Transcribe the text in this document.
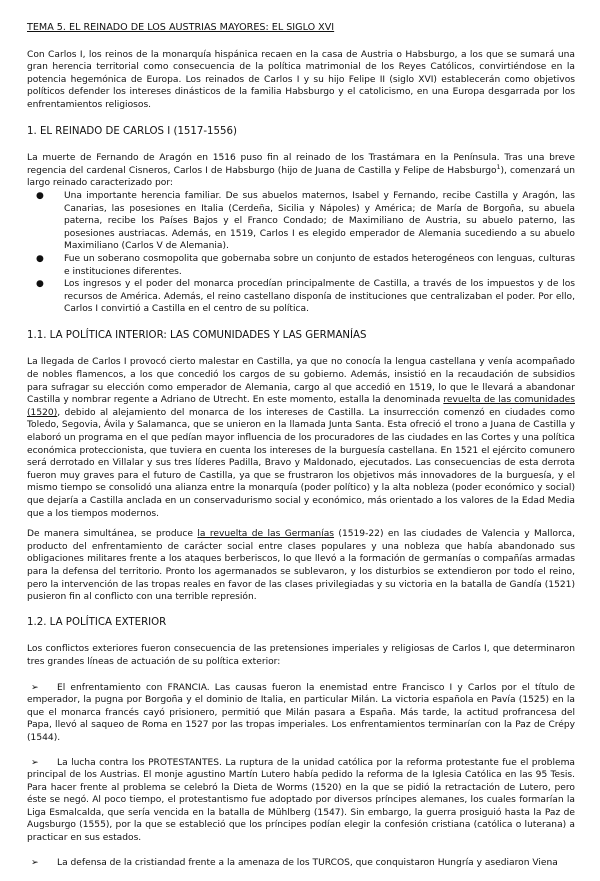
TEMA 5. EL REINADO DE LOS AUSTRIAS MAYORES: EL SIGLO XVI

Con Carlos I, los reinos de la monarquía hispánica recaen en la casa de Austria o Habsburgo, a los que se sumará una gran herencia territorial como consecuencia de la política matrimonial de los Reyes Católicos, convirtiéndose en la potencia hegemónica de Europa. Los reinados de Carlos I y su hijo Felipe II (siglo XVI) establecerán como objetivos políticos defender los intereses dinásticos de la familia Habsburgo y el catolicismo, en una Europa desgarrada por los enfrentamientos religiosos.

1. EL REINADO DE CARLOS I (1517-1556)

La muerte de Fernando de Aragón en 1516 puso fin al reinado de los Trastámara en la Península. Tras una breve regencia del cardenal Cisneros, Carlos I de Habsburgo (hijo de Juana de Castilla y Felipe de Habsburgo$^1$), comenzará un largo reinado caracterizado por:

● Una importante herencia familiar. De sus abuelos maternos, Isabel y Fernando, recibe Castilla y Aragón, las Canarias, las posesiones en Italia (Cerdeña, Sicilia y Nápoles) y América; de María de Borgoña, su abuela paterna, recibe los Países Bajos y el Franco Condado; de Maximiliano de Austria, su abuelo paterno, las posesiones austriacas. Además, en 1519, Carlos I es elegido emperador de Alemania sucediendo a su abuelo Maximiliano (Carlos V de Alemania).
● Fue un soberano cosmopolita que gobernaba sobre un conjunto de estados heterogéneos con lenguas, culturas e instituciones diferentes.
● Los ingresos y el poder del monarca procedían principalmente de Castilla, a través de los impuestos y de los recursos de América. Además, el reino castellano disponía de instituciones que centralizaban el poder. Por ello, Carlos I convirtió a Castilla en el centro de su política.
1.1. LA POLÍTICA INTERIOR: LAS COMUNIDADES Y LAS GERMANÍAS

La llegada de Carlos I provocó cierto malestar en Castilla, ya que no conocía la lengua castellana y venía acompañado de nobles flamencos, a los que concedió los cargos de su gobierno. Además, insistió en la recaudación de subsidios para sufragar su elección como emperador de Alemania, cargo al que accedió en 1519, lo que le llevará a abandonar Castilla y nombrar regente a Adriano de Utrecht. En este momento, estalla la denominada revuelta de las comunidades (1520), debido al alejamiento del monarca de los intereses de Castilla. La insurrección comenzó en ciudades como Toledo, Segovia, Ávila y Salamanca, que se unieron en la llamada Junta Santa. Esta ofreció el trono a Juana de Castilla y elaboró un programa en el que pedían mayor influencia de los procuradores de las ciudades en las Cortes y una política económica proteccionista, que tuviera en cuenta los intereses de la burguesía castellana. En 1521 el ejército comunero será derrotado en Villalar y sus tres líderes Padilla, Bravo y Maldonado, ejecutados. Las consecuencias de esta derrota fueron muy graves para el futuro de Castilla, ya que se frustraron los objetivos más innovadores de la burguesía, y el mismo tiempo se consolidó una alianza entre la monarquía (poder político) y la alta nobleza (poder económico y social) que dejaría a Castilla anclada en un conservadurismo social y económico, más orientado a los valores de la Edad Media que a los tiempos modernos.

De manera simultánea, se produce la revuelta de las Germanías (1519-22) en las ciudades de Valencia y Mallorca, producto del enfrentamiento de carácter social entre clases populares y una nobleza que había abandonado sus obligaciones militares frente a los ataques berberiscos, lo que llevó a la formación de germanías o compañías armadas para la defensa del territorio. Pronto los agermanados se sublevaron, y los disturbios se extendieron por todo el reino, pero la intervención de las tropas reales en favor de las clases privilegiadas y su victoria en la batalla de Gandía (1521) pusieron fin al conflicto con una terrible represión.

1.2. LA POLÍTICA EXTERIOR

Los conflictos exteriores fueron consecuencia de las pretensiones imperiales y religiosas de Carlos I, que determinaron tres grandes líneas de actuación de su política exterior:

➢ El enfrentamiento con FRANCIA. Las causas fueron la enemistad entre Francisco I y Carlos por el título de emperador, la pugna por Borgoña y el dominio de Italia, en particular Milán. La victoria española en Pavía (1525) en la que el monarca francés cayó prisionero, permitió que Milán pasara a España. Más tarde, la actitud profrancesa del Papa, llevó al saqueo de Roma en 1527 por las tropas imperiales. Los enfrentamientos terminarían con la Paz de Crépy (1544).

➢ La lucha contra los PROTESTANTES. La ruptura de la unidad católica por la reforma protestante fue el problema principal de los Austrias. El monje agustino Martín Lutero había pedido la reforma de la Iglesia Católica en las 95 Tesis. Para hacer frente al problema se celebró la Dieta de Worms (1520) en la que se pidió la retractación de Lutero, pero éste se negó. Al poco tiempo, el protestantismo fue adoptado por diversos príncipes alemanes, los cuales formarían la Liga Esmalcalda, que sería vencida en la batalla de Mühlberg (1547). Sin embargo, la guerra prosiguió hasta la Paz de Augsburgo (1555), por la que se estableció que los príncipes podían elegir la confesión cristiana (católica o luterana) a practicar en sus estados.

➢ La defensa de la cristiandad frente a la amenaza de los TURCOS, que conquistaron Hungría y asediaron Viena
